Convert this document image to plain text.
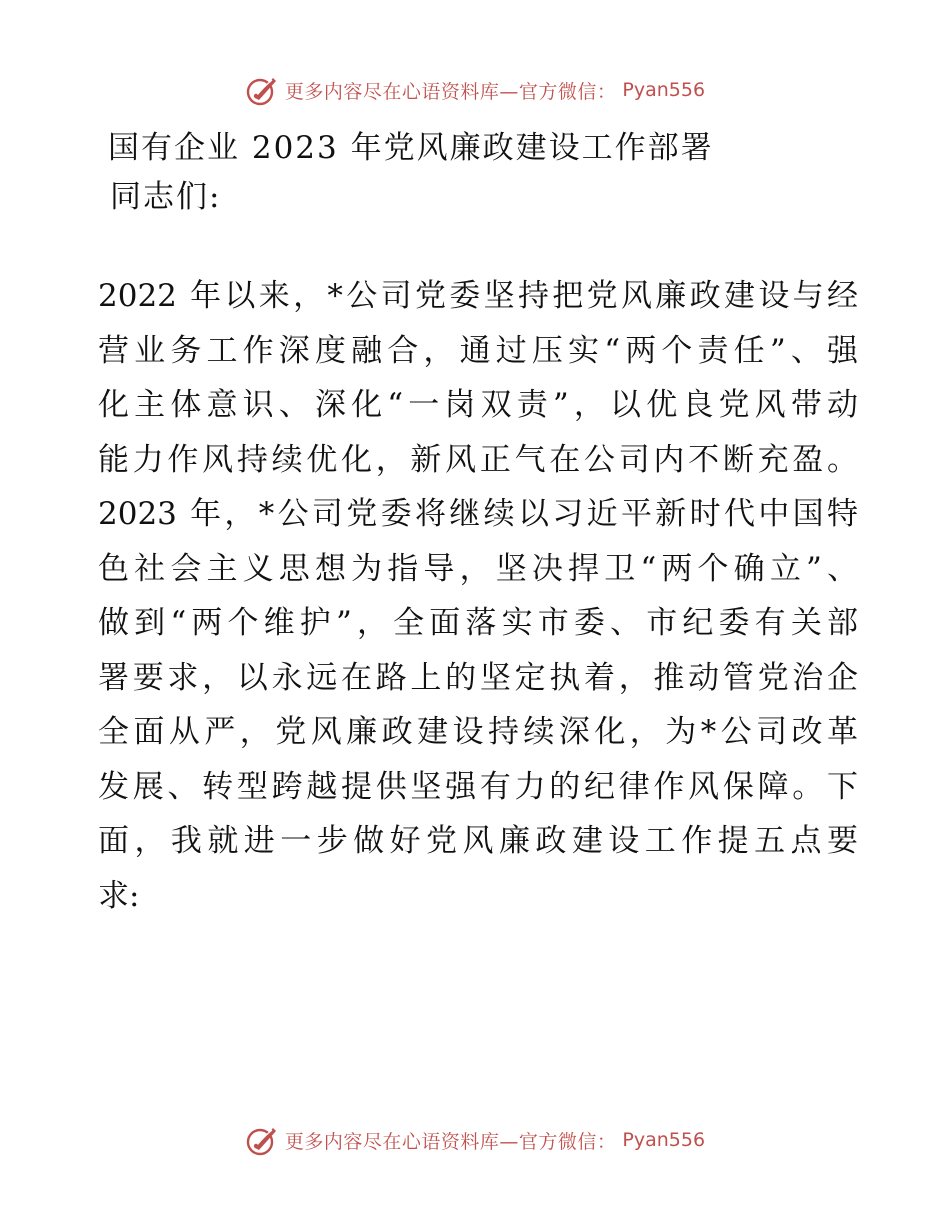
更多内容尽在心语资料库—官方微信： Pyan556
国有企业 2023 年党风廉政建设工作部署
同志们:
2022 年以来，*公司党委坚持把党风廉政建设与经
营业务工作深度融合，通过压实“两个责任”、强
化主体意识、深化“一岗双责”，以优良党风带动
能力作风持续优化，新风正气在公司内不断充盈。
2023 年，*公司党委将继续以习近平新时代中国特
色社会主义思想为指导，坚决捍卫“两个确立”、
做到“两个维护”，全面落实市委、市纪委有关部
署要求，以永远在路上的坚定执着，推动管党治企
全面从严，党风廉政建设持续深化，为*公司改革
发展、转型跨越提供坚强有力的纪律作风保障。下
面，我就进一步做好党风廉政建设工作提五点要
求:
更多内容尽在心语资料库—官方微信： Pyan556
